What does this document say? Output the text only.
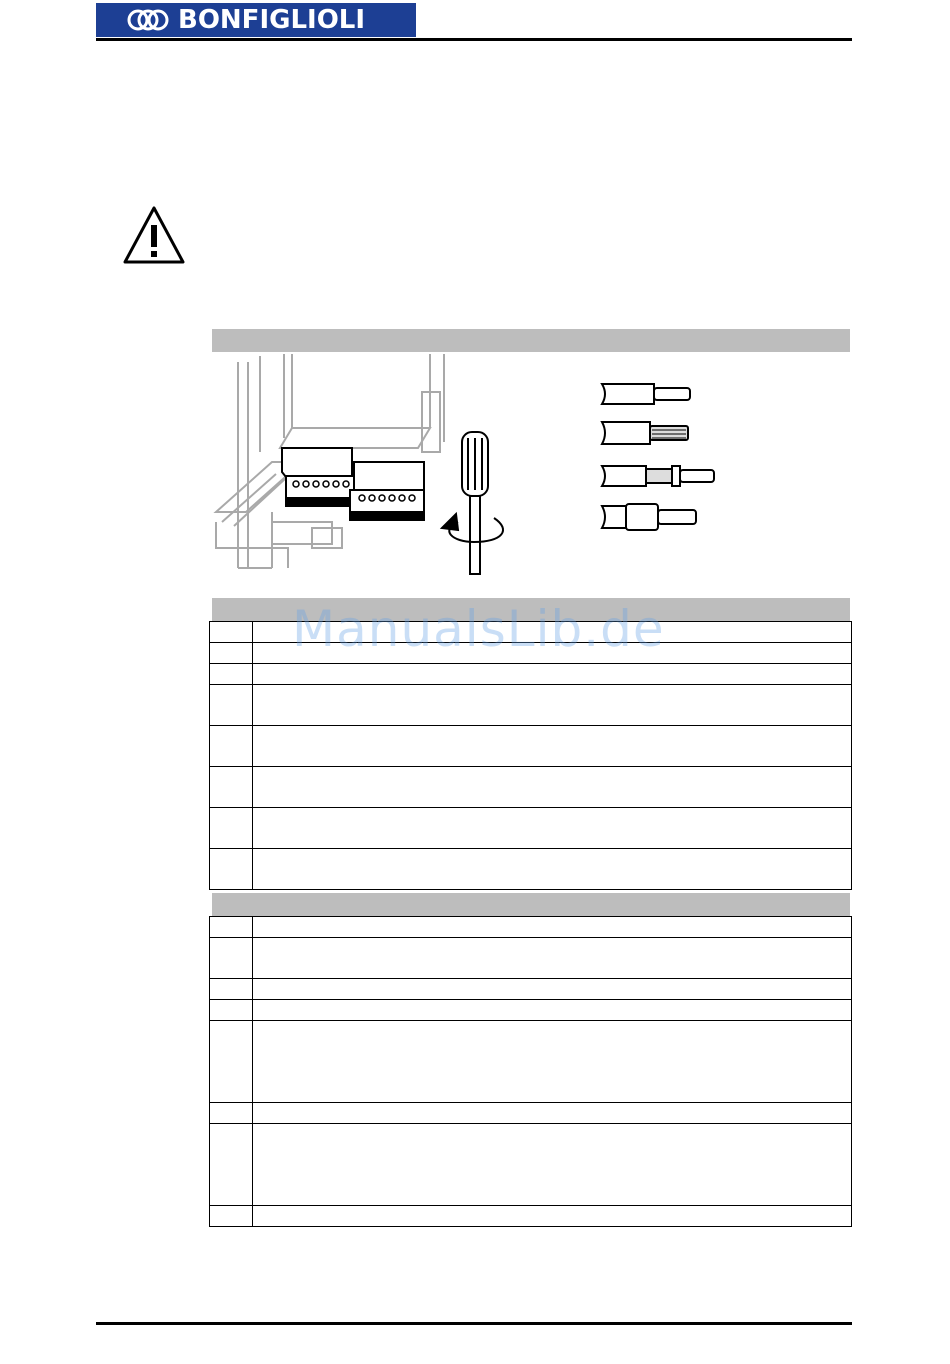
BONFIGLIOLI

ManualsLib.de
